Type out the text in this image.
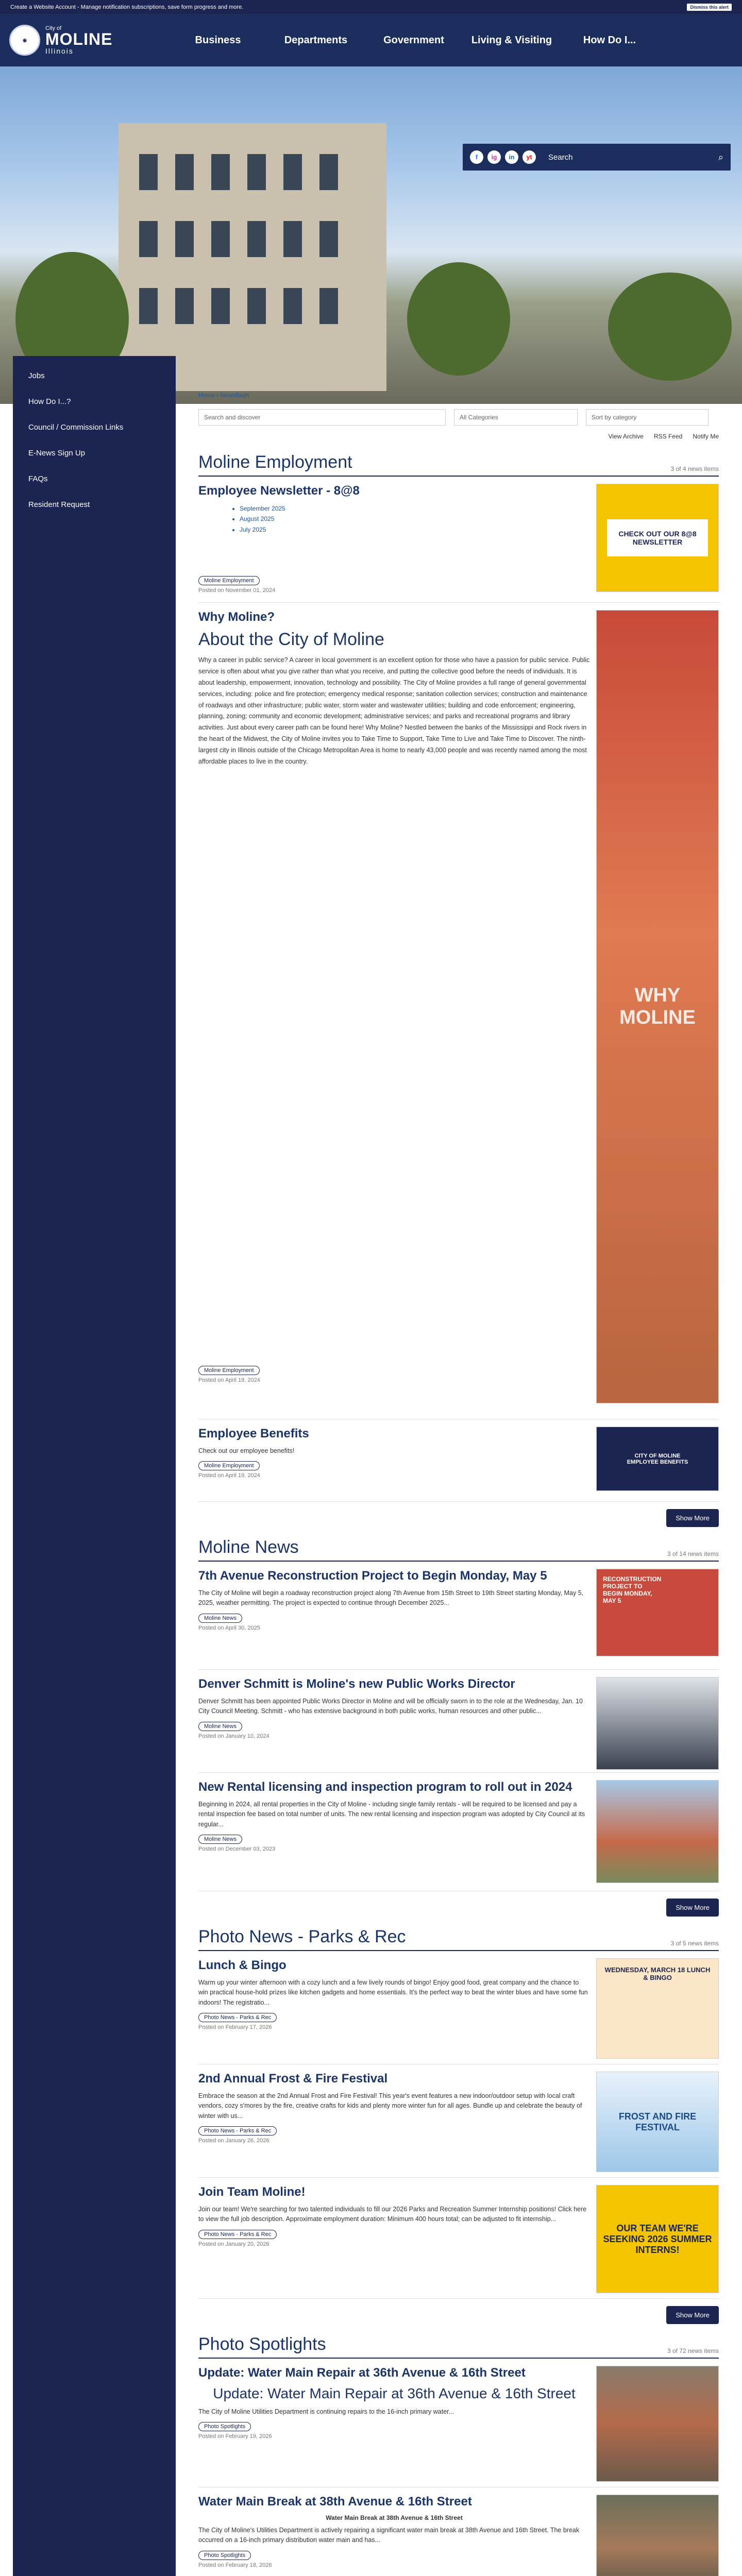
Create a Website Account - Manage notification subscriptions, save form progress and more.	Dismiss this alert
◉
City of
MOLINE
Illinois
Business	Departments	Government	Living & Visiting	How Do I...
f	ig	in	yt	Search	⌕
Jobs
How Do I...?
Council / Commission Links
E-News Sign Up
FAQs
Resident Request
Home › Newsflash
Search and discover	All Categories	Sort by category
View Archive RSS Feed Notify Me
Moline Employment	3 of 4 news items
Employee Newsletter - 8@8
• September 2025
• August 2025
• July 2025
Moline Employment
Posted on November 01, 2024
CHECK OUT OUR 8@8 NEWSLETTER
Why Moline?
About the City of Moline

Why a career in public service? A career in local government is an excellent option for those who have a passion for public service. Public service is often about what you give rather than what you receive, and putting the collective good before the needs of individuals. It is about leadership, empowerment, innovation, technology and possibility. The City of Moline provides a full range of general governmental services, including: police and fire protection; emergency medical response; sanitation collection services; construction and maintenance of roadways and other infrastructure; public water, storm water and wastewater utilities; building and code enforcement; engineering, planning, zoning; community and economic development; administrative services; and parks and recreational programs and library activities. Just about every career path can be found here! Why Moline? Nestled between the banks of the Mississippi and Rock rivers in the heart of the Midwest, the City of Moline invites you to Take Time to Support, Take Time to Live and Take Time to Discover. The ninth-largest city in Illinois outside of the Chicago Metropolitan Area is home to nearly 43,000 people and was recently named among the most affordable places to live in the country.

Moline Employment
Posted on April 19, 2024
WHY MOLINE
Employee Benefits

Check out our employee benefits!

Moline Employment
Posted on April 19, 2024
CITY OF MOLINE EMPLOYEE BENEFITS
Show More
Moline News	3 of 14 news items
7th Avenue Reconstruction Project to Begin Monday, May 5

The City of Moline will begin a roadway reconstruction project along 7th Avenue from 15th Street to 19th Street starting Monday, May 5, 2025, weather permitting. The project is expected to continue through December 2025...

Moline News
Posted on April 30, 2025
RECONSTRUCTION PROJECT TO BEGIN MONDAY, MAY 5
Denver Schmitt is Moline's new Public Works Director

Denver Schmitt has been appointed Public Works Director in Moline and will be officially sworn in to the role at the Wednesday, Jan. 10 City Council Meeting. Schmitt - who has extensive background in both public works, human resources and other public...

Moline News
Posted on January 10, 2024
New Rental licensing and inspection program to roll out in 2024

Beginning in 2024, all rental properties in the City of Moline - including single family rentals - will be required to be licensed and pay a rental inspection fee based on total number of units. The new rental licensing and inspection program was adopted by City Council at its regular...

Moline News
Posted on December 03, 2023
Show More
Photo News - Parks & Rec	3 of 5 news items
Lunch & Bingo

Warm up your winter afternoon with a cozy lunch and a few lively rounds of bingo! Enjoy good food, great company and the chance to win practical house-hold prizes like kitchen gadgets and home essentials. It's the perfect way to beat the winter blues and have some fun indoors! The registratio...

Photo News - Parks & Rec
Posted on February 17, 2026
WEDNESDAY, MARCH 18 LUNCH & BINGO
2nd Annual Frost & Fire Festival

Embrace the season at the 2nd Annual Frost and Fire Festival! This year's event features a new indoor/outdoor setup with local craft vendors, cozy s'mores by the fire, creative crafts for kids and plenty more winter fun for all ages. Bundle up and celebrate the beauty of winter with us...

Photo News - Parks & Rec
Posted on January 26, 2026
FROST AND FIRE FESTIVAL
Join Team Moline!

Join our team! We're searching for two talented individuals to fill our 2026 Parks and Recreation Summer Internship positions! Click here to view the full job description. Approximate employment duration: Minimum 400 hours total; can be adjusted to fit internship...

Photo News - Parks & Rec
Posted on January 20, 2026
OUR TEAM WE'RE SEEKING 2026 SUMMER INTERNS!
Show More
Photo Spotlights	3 of 72 news items
Update: Water Main Repair at 36th Avenue & 16th Street
Update: Water Main Repair at 36th Avenue & 16th Street

The City of Moline Utilities Department is continuing repairs to the 16-inch primary water...

Photo Spotlights
Posted on February 19, 2026
Water Main Break at 38th Avenue & 16th Street
Water Main Break at 38th Avenue & 16th Street

The City of Moline's Utilities Department is actively repairing a significant water main break at 38th Avenue and 16th Street. The break occurred on a 16-inch primary distribution water main and has...

Photo Spotlights
Posted on February 18, 2026
